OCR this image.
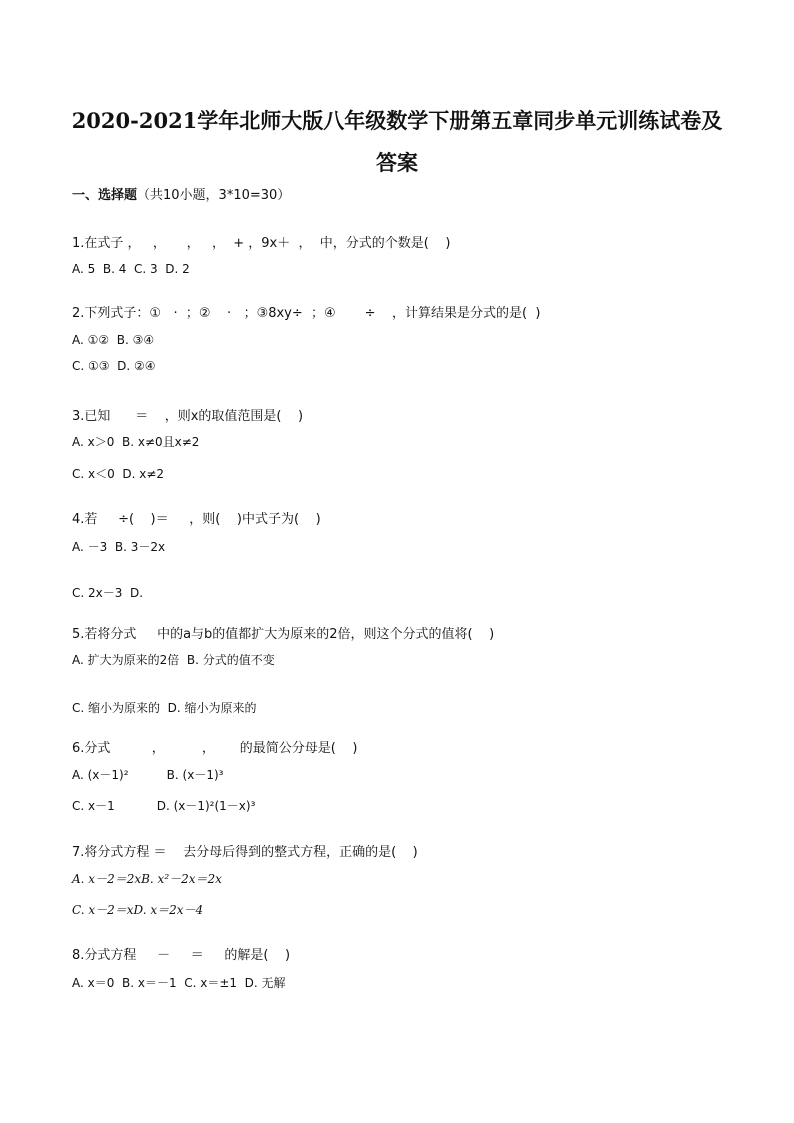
2020-2021学年北师大版八年级数学下册第五章同步单元训练试卷及
答案
一、选择题（共10小题，3*10=30）
1.在式子 ，   ，     ，   ，  + ，9x＋  ，  中，分式的个数是(    )
A. 5  B. 4  C. 3  D. 2
2.下列式子：①   ·  ；②    ·   ；③8xy÷  ；④       ÷    ，计算结果是分式的是(  )
A. ①②  B. ③④
C. ①③  D. ②④
3.已知      ＝    ，则x的取值范围是(    )
A. x＞0  B. x≠0且x≠2
C. x＜0  D. x≠2
4.若     ÷(    )＝     ，则(    )中式子为(    )
A. －3  B. 3－2x
C. 2x－3  D.
5.若将分式     中的a与b的值都扩大为原来的2倍，则这个分式的值将(    )
A. 扩大为原来的2倍  B. 分式的值不变
C. 缩小为原来的  D. 缩小为原来的
6.分式          ，         ，      的最简公分母是(    )
A. (x－1)²          B. (x－1)³
C. x－1           D. (x－1)²(1－x)³
7.将分式方程 ＝    去分母后得到的整式方程，正确的是(    )
A. x－2＝2xB. x²－2x＝2x
C. x－2＝xD. x＝2x－4
8.分式方程     －     ＝     的解是(    )
A. x＝0  B. x＝－1  C. x＝±1  D. 无解
